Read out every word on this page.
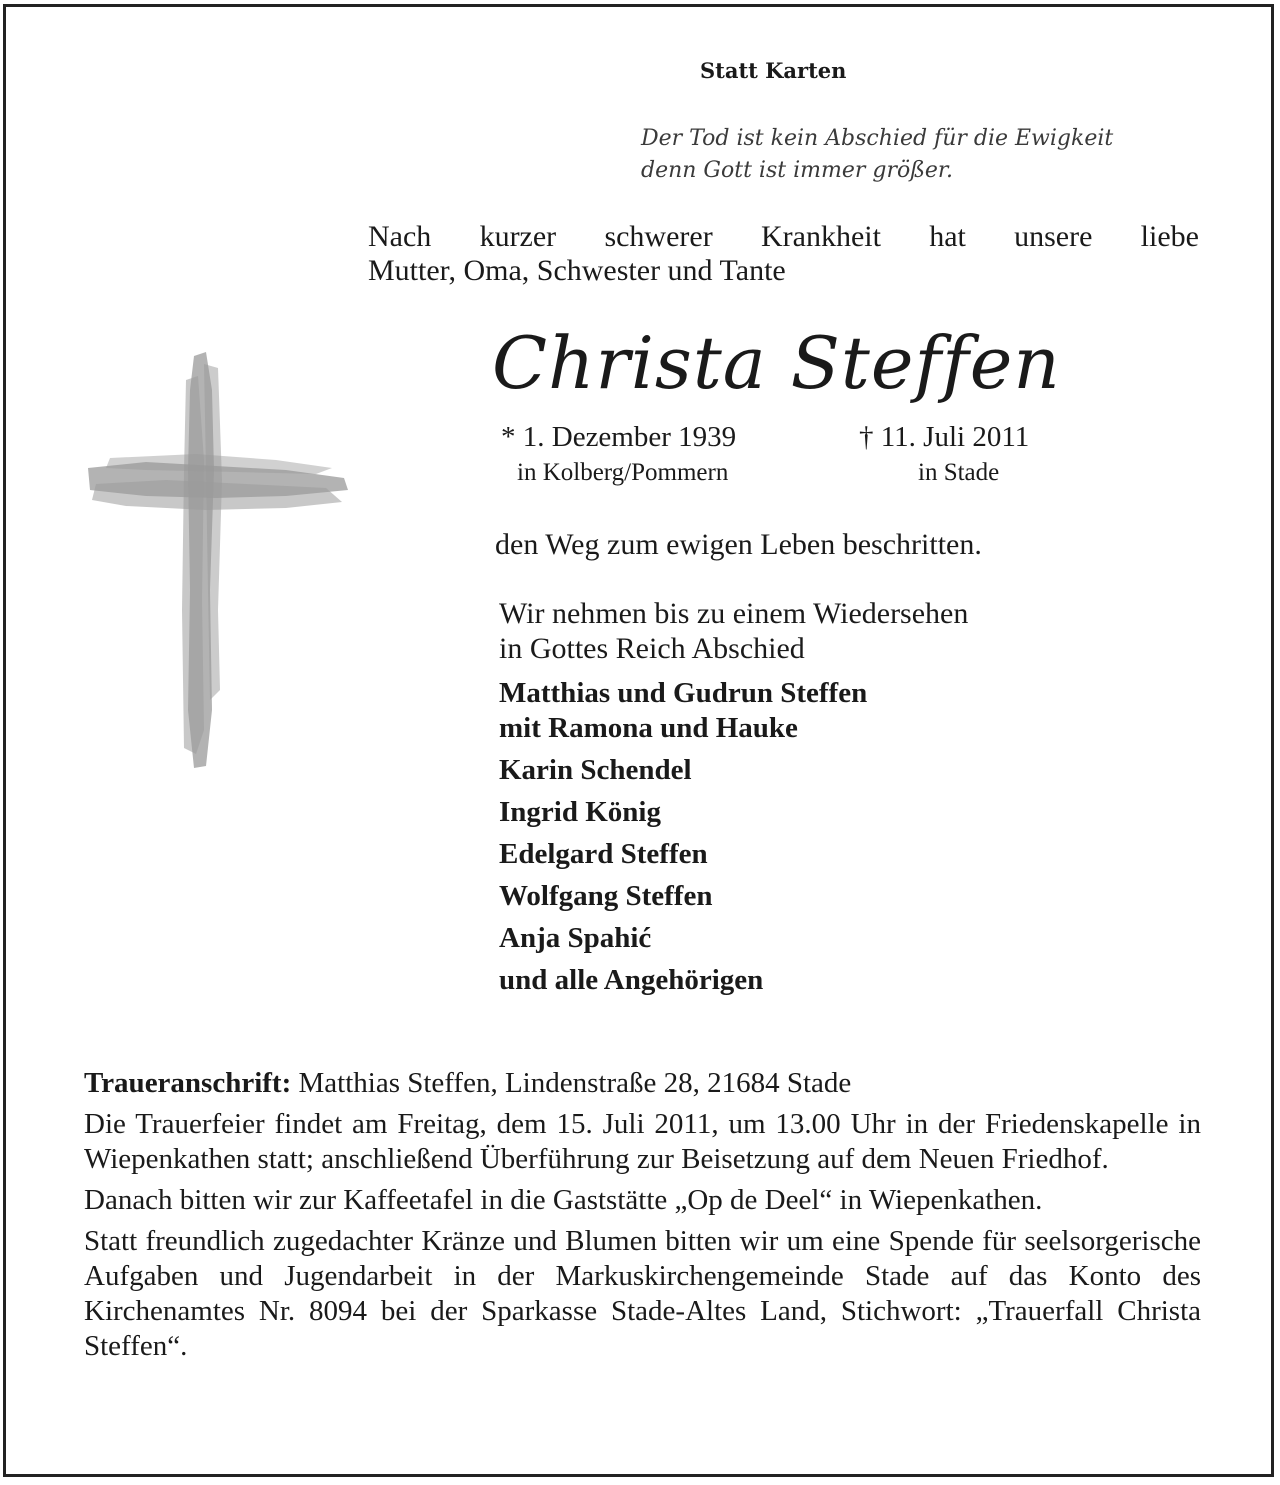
Statt Karten
Der Tod ist kein Abschied für die Ewigkeit
denn Gott ist immer größer.
Nach kurzer schwerer Krankheit hat unsere liebe
Mutter, Oma, Schwester und Tante
Christa Steffen
* 1. Dezember 1939
in Kolberg/Pommern
† 11. Juli 2011
in Stade
den Weg zum ewigen Leben beschritten.
Wir nehmen bis zu einem Wiedersehen
in Gottes Reich Abschied
Matthias und Gudrun Steffen
mit Ramona und Hauke
Karin Schendel
Ingrid König
Edelgard Steffen
Wolfgang Steffen
Anja Spahić
und alle Angehörigen

Traueranschrift: Matthias Steffen, Lindenstraße 28, 21684 Stade

Die Trauerfeier findet am Freitag, dem 15. Juli 2011, um 13.00 Uhr in der Friedenskapelle in Wiepenkathen statt; anschließend Überführung zur Beisetzung auf dem Neuen Friedhof.

Danach bitten wir zur Kaffeetafel in die Gaststätte „Op de Deel“ in Wiepenkathen.

Statt freundlich zugedachter Kränze und Blumen bitten wir um eine Spende für seelsorgerische Aufgaben und Jugendarbeit in der Markuskirchengemeinde Stade auf das Konto des Kirchenamtes Nr. 8094 bei der Sparkasse Stade-Altes Land, Stichwort: „Trauerfall Christa Steffen“.
